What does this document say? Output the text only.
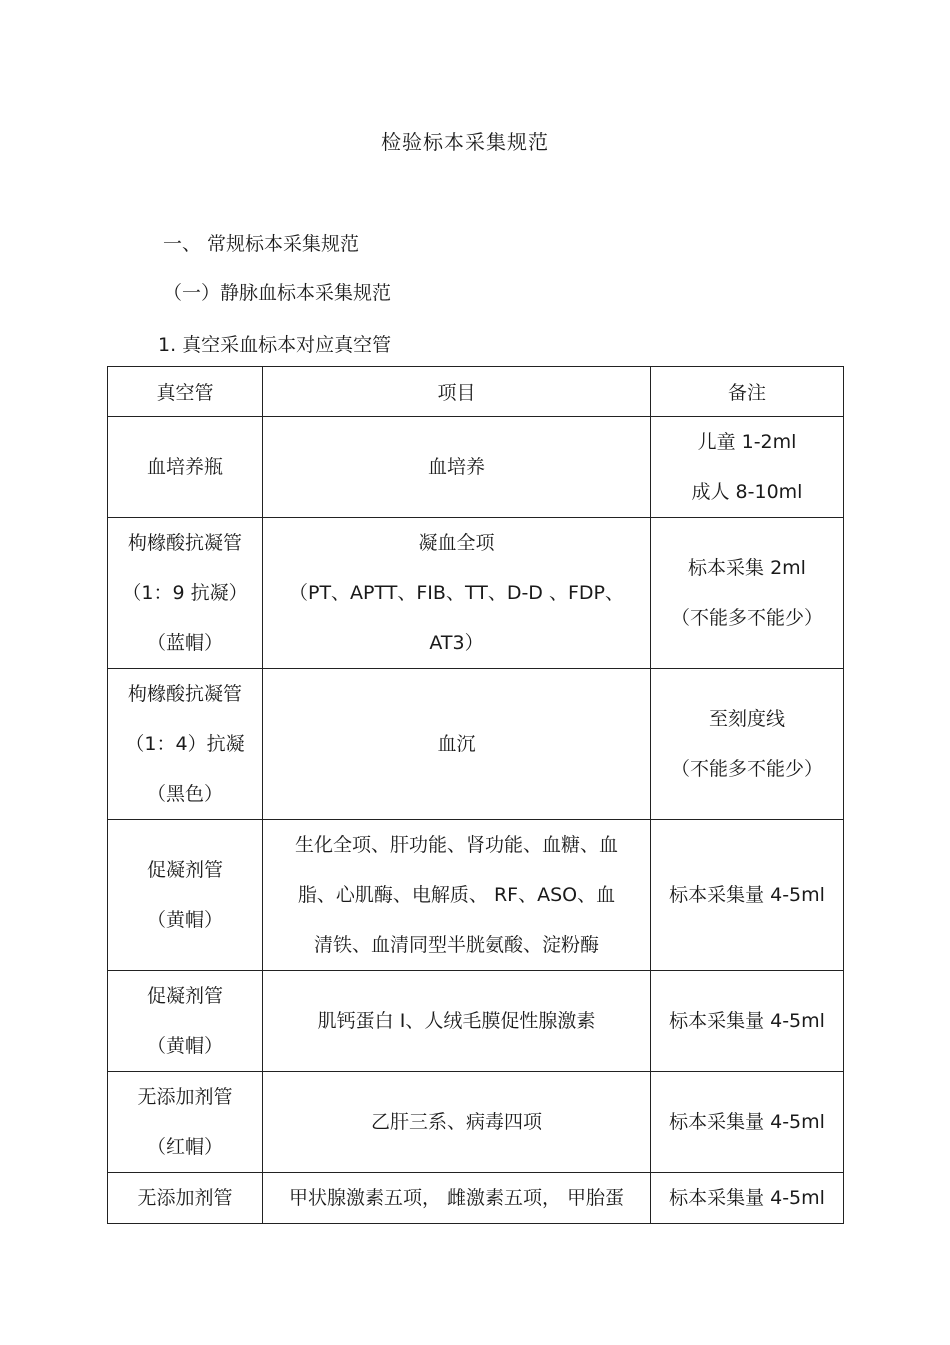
检验标本采集规范
一、 常规标本采集规范
（一）静脉血标本采集规范
1. 真空采血标本对应真空管
真空管	项目	备注

血培养瓶	血培养	儿童 1-2ml
成人 8-10ml

枸橼酸抗凝管
（1：9 抗凝）
（蓝帽）	凝血全项
（PT、APTT、FIB、TT、D-D 、FDP、
AT3）	标本采集 2ml
（不能多不能少）

枸橼酸抗凝管
（1：4）抗凝
（黑色）	血沉	至刻度线
（不能多不能少）

促凝剂管
（黄帽）	生化全项、肝功能、肾功能、血糖、血
脂、心肌酶、电解质、 RF、ASO、血
清铁、血清同型半胱氨酸、淀粉酶	标本采集量 4-5ml

促凝剂管
（黄帽）	肌钙蛋白 I、人绒毛膜促性腺激素	标本采集量 4-5ml

无添加剂管
（红帽）	乙肝三系、病毒四项	标本采集量 4-5ml

无添加剂管	甲状腺激素五项， 雌激素五项， 甲胎蛋	标本采集量 4-5ml
